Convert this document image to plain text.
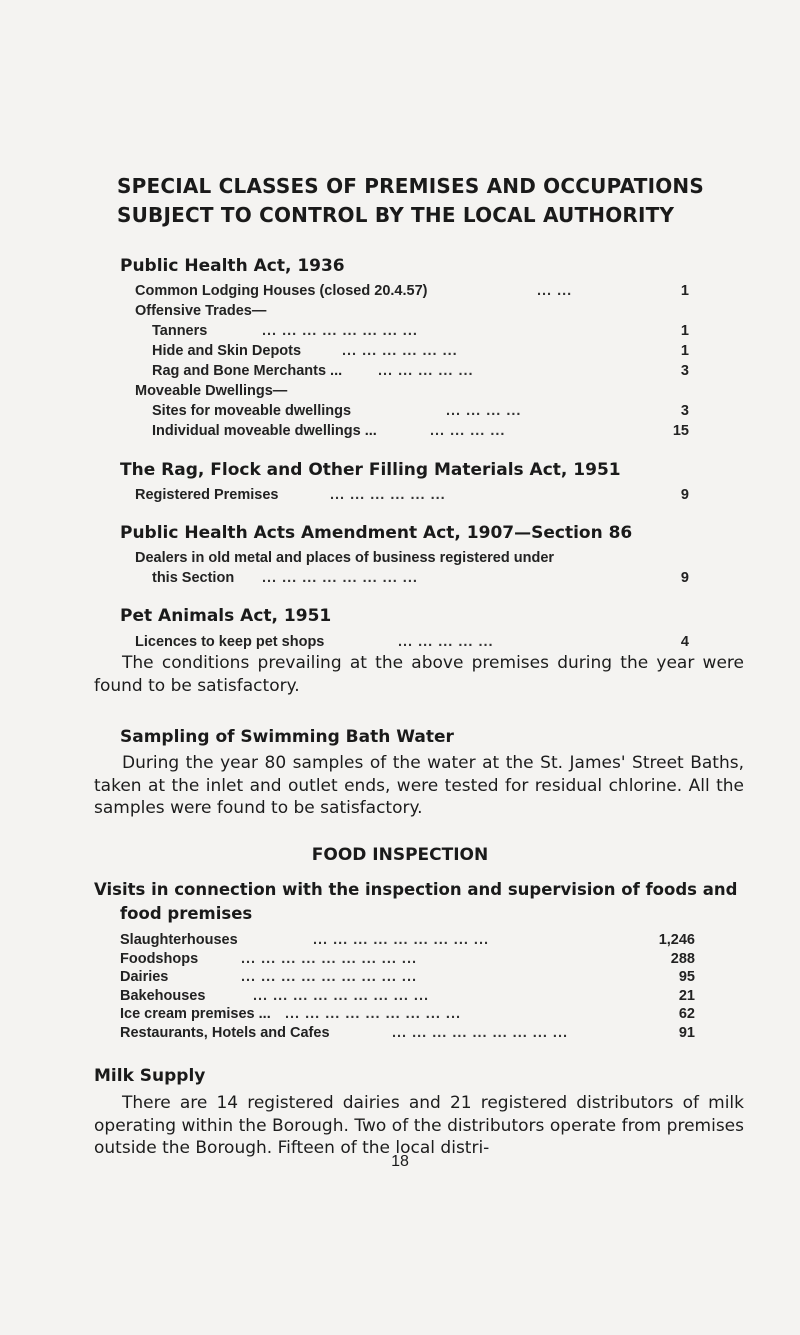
SPECIAL CLASSES OF PREMISES AND OCCUPATIONS
SUBJECT TO CONTROL BY THE LOCAL AUTHORITY
Public Health Act, 1936
Common Lodging Houses (closed 20.4.57)	... ...	1
Offensive Trades—
Tanners	... ... ... ... ... ... ... ...	1
Hide and Skin Depots	... ... ... ... ... ...	1
Rag and Bone Merchants ... ... ... ... ... ...	3
Moveable Dwellings—
Sites for moveable dwellings	... ... ... ...	3
Individual moveable dwellings ...	... ... ... ...	15
The Rag, Flock and Other Filling Materials Act, 1951
Registered Premises	... ... ... ... ... ...	9
Public Health Acts Amendment Act, 1907—Section 86
Dealers in old metal and places of business registered under
this Section ... ... ... ... ... ... ... ...	9
Pet Animals Act, 1951
Licences to keep pet shops	... ... ... ... ...	4
The conditions prevailing at the above premises during the year were found to be satisfactory.
Sampling of Swimming Bath Water
During the year 80 samples of the water at the St. James' Street Baths, taken at the inlet and outlet ends, were tested for residual chlorine. All the samples were found to be satisfactory.
FOOD INSPECTION
Visits in connection with the inspection and supervision of foods and
food premises
Slaughterhouses	... ... ... ... ... ... ... ... ...	1,246
Foodshops	... ... ... ... ... ... ... ... ...	288
Dairies	... ... ... ... ... ... ... ... ...	95
Bakehouses	... ... ... ... ... ... ... ... ...	21
Ice cream premises ... ... ... ... ... ... ... ... ... ...	62
Restaurants, Hotels and Cafes	... ... ... ... ... ... ... ... ...	91
Milk Supply
There are 14 registered dairies and 21 registered distributors of milk operating within the Borough. Two of the distributors operate from premises outside the Borough. Fifteen of the local distri-
18
